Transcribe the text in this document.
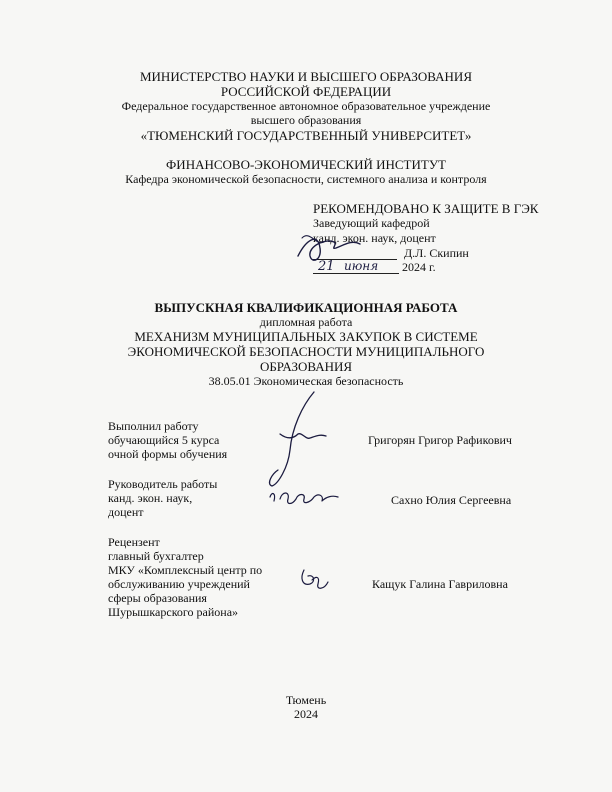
МИНИСТЕРСТВО НАУКИ И ВЫСШЕГО ОБРАЗОВАНИЯ
РОССИЙСКОЙ ФЕДЕРАЦИИ
Федеральное государственное автономное образовательное учреждение
высшего образования
«ТЮМЕНСКИЙ ГОСУДАРСТВЕННЫЙ УНИВЕРСИТЕТ»
ФИНАНСОВО-ЭКОНОМИЧЕСКИЙ ИНСТИТУТ
Кафедра экономической безопасности, системного анализа и контроля
РЕКОМЕНДОВАНО К ЗАЩИТЕ В ГЭК
Заведующий кафедрой
канд. экон. наук, доцент
Д.Л. Скипин
2024 г.
21 июня
ВЫПУСКНАЯ КВАЛИФИКАЦИОННАЯ РАБОТА
дипломная работа
МЕХАНИЗМ МУНИЦИПАЛЬНЫХ ЗАКУПОК В СИСТЕМЕ
ЭКОНОМИЧЕСКОЙ БЕЗОПАСНОСТИ МУНИЦИПАЛЬНОГО
ОБРАЗОВАНИЯ
38.05.01 Экономическая безопасность
Выполнил работу
обучающийся 5 курса
очной формы обучения
Григорян Григор Рафикович
Руководитель работы
канд. экон. наук,
доцент
Сахно Юлия Сергеевна
Рецензент
главный бухгалтер
МКУ «Комплексный центр по
обслуживанию учреждений
сферы образования
Шурышкарского района»
Кащук Галина Гавриловна
Тюмень
2024
